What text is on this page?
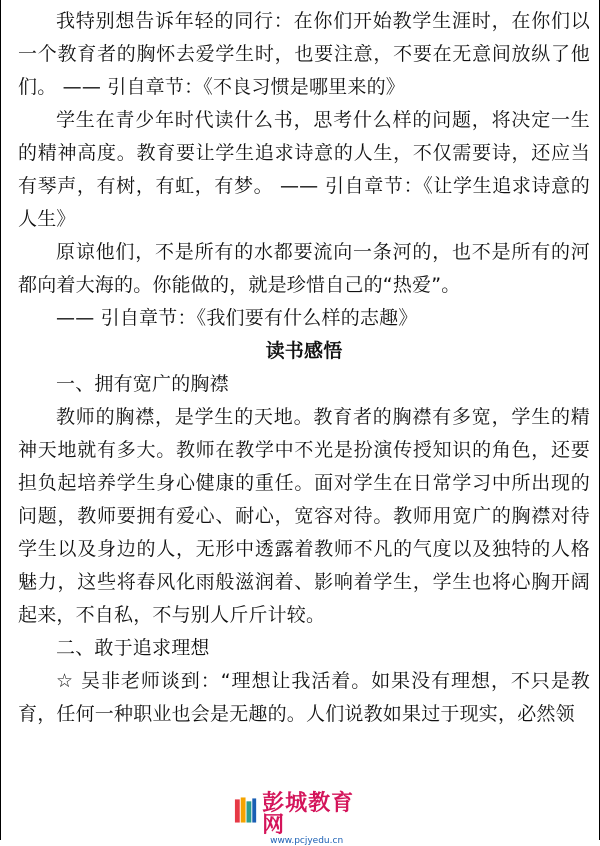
我特别想告诉年轻的同行：在你们开始教学生涯时，在你们以一个教育者的胸怀去爱学生时，也要注意，不要在无意间放纵了他们。 —— 引自章节：《不良习惯是哪里来的》

学生在青少年时代读什么书，思考什么样的问题，将决定一生的精神高度。教育要让学生追求诗意的人生，不仅需要诗，还应当有琴声，有树，有虹，有梦。 —— 引自章节：《让学生追求诗意的人生》

原谅他们，不是所有的水都要流向一条河的，也不是所有的河都向着大海的。你能做的，就是珍惜自己的“热爱”。

—— 引自章节：《我们要有什么样的志趣》

读书感悟

一、拥有宽广的胸襟

教师的胸襟，是学生的天地。教育者的胸襟有多宽，学生的精神天地就有多大。教师在教学中不光是扮演传授知识的角色，还要担负起培养学生身心健康的重任。面对学生在日常学习中所出现的问题，教师要拥有爱心、耐心，宽容对待。教师用宽广的胸襟对待学生以及身边的人，无形中透露着教师不凡的气度以及独特的人格魅力，这些将春风化雨般滋润着、影响着学生，学生也将心胸开阔起来，不自私，不与别人斤斤计较。

二、敢于追求理想

☆ 吴非老师谈到：“理想让我活着。如果没有理想，不只是教育，任何一种职业也会是无趣的。人们说教如果过于现实，必然领

彭城教育网
www.pcjyedu.cn
